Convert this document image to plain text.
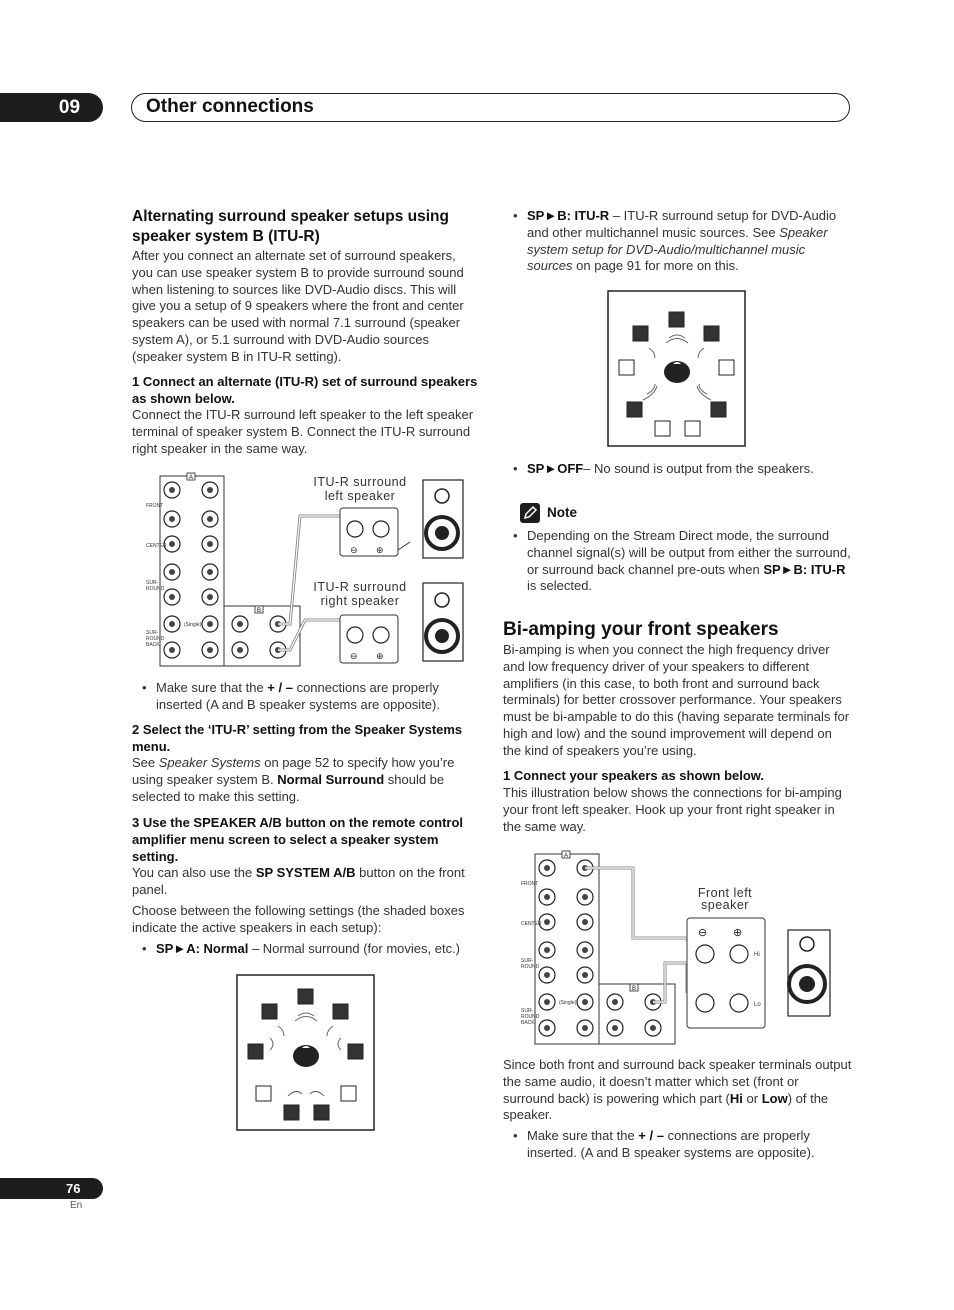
09	Other connections
Alternating surround speaker setups using speaker system B (ITU-R)
After you connect an alternate set of surround speakers, you can use speaker system B to provide surround sound when listening to sources like DVD-Audio discs. This will give you a setup of 9 speakers where the front and center speakers can be used with normal 7.1 surround (speaker system A), or 5.1 surround with DVD-Audio sources (speaker system B in ITU-R setting).
1 Connect an alternate (ITU-R) set of surround speakers as shown below.
Connect the ITU-R surround left speaker to the left speaker terminal of speaker system B. Connect the ITU-R surround right speaker in the same way.
FRONT
CENTER
SUR-
ROUND
SUR-
ROUND
BACK
(Single)
A
B
⊖ ⊕
⊖ ⊕
ITU-R surround
left speaker
ITU-R surround
right speaker
• Make sure that the + / – connections are properly inserted (A and B speaker systems are opposite).
2 Select the ‘ITU-R’ setting from the Speaker Systems menu.
See Speaker Systems on page 52 to specify how you’re using speaker system B. Normal Surround should be selected to make this setting.
3 Use the SPEAKER A/B button on the remote control amplifier menu screen to select a speaker system setting.
You can also use the SP SYSTEM A/B button on the front panel.
Choose between the following settings (the shaded boxes indicate the active speakers in each setup):
• SP►A: Normal – Normal surround (for movies, etc.)
• SP►B: ITU-R – ITU-R surround setup for DVD-Audio and other multichannel music sources. See Speaker system setup for DVD-Audio/multichannel music sources on page 91 for more on this.
• SP►OFF– No sound is output from the speakers.
Note
• Depending on the Stream Direct mode, the surround channel signal(s) will be output from either the surround, or surround back channel pre-outs when SP►B: ITU-R is selected.
Bi-amping your front speakers
Bi-amping is when you connect the high frequency driver and low frequency driver of your speakers to different amplifiers (in this case, to both front and surround back terminals) for better crossover performance. Your speakers must be bi-ampable to do this (having separate terminals for high and low) and the sound improvement will depend on the kind of speakers you’re using.
1 Connect your speakers as shown below.
This illustration below shows the connections for bi-amping your front left speaker. Hook up your front right speaker in the same way.
FRONT
CENTER
SUR-
ROUND
SUR-
ROUND
BACK
(Single)
A
B
⊖ ⊕
Hi
Lo
Front left
speaker
Since both front and surround back speaker terminals output the same audio, it doesn’t matter which set (front or surround back) is powering which part (Hi or Low) of the speaker.
• Make sure that the + / – connections are properly inserted. (A and B speaker systems are opposite).
76
En
